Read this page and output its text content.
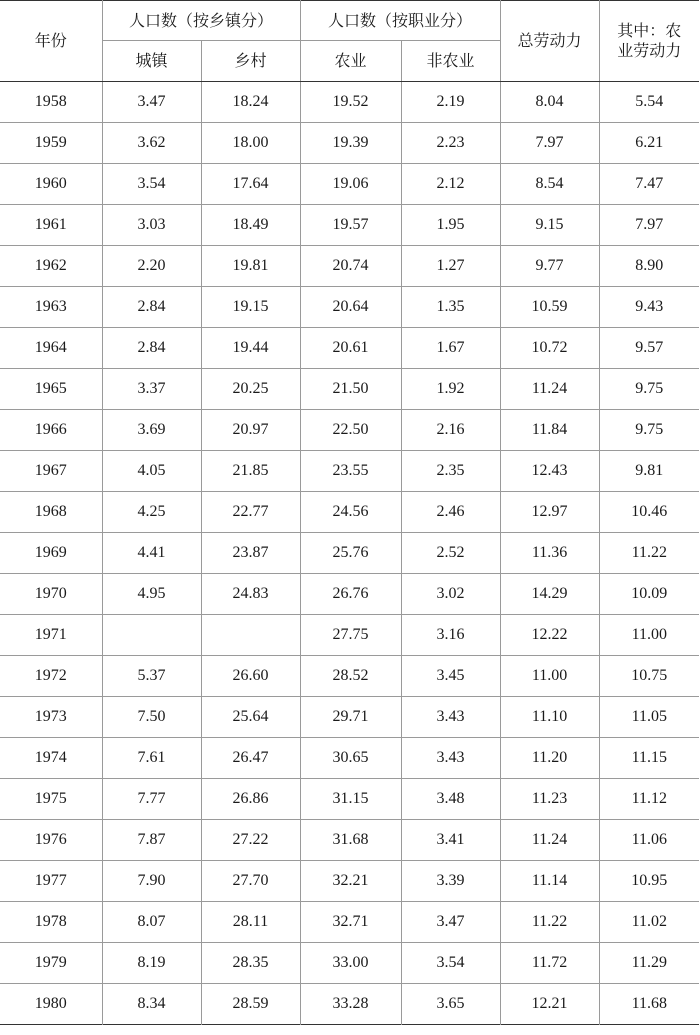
年份	人口数（按乡镇分）		人口数（按职业分）		总劳动力	其中：农
业劳动力

	城镇	乡村	农业	非农业		
1958	3.47	18.24	19.52	2.19	8.04	5.54
1959	3.62	18.00	19.39	2.23	7.97	6.21
1960	3.54	17.64	19.06	2.12	8.54	7.47
1961	3.03	18.49	19.57	1.95	9.15	7.97
1962	2.20	19.81	20.74	1.27	9.77	8.90
1963	2.84	19.15	20.64	1.35	10.59	9.43
1964	2.84	19.44	20.61	1.67	10.72	9.57
1965	3.37	20.25	21.50	1.92	11.24	9.75
1966	3.69	20.97	22.50	2.16	11.84	9.75
1967	4.05	21.85	23.55	2.35	12.43	9.81
1968	4.25	22.77	24.56	2.46	12.97	10.46
1969	4.41	23.87	25.76	2.52	11.36	11.22
1970	4.95	24.83	26.76	3.02	14.29	10.09
1971			27.75	3.16	12.22	11.00
1972	5.37	26.60	28.52	3.45	11.00	10.75
1973	7.50	25.64	29.71	3.43	11.10	11.05
1974	7.61	26.47	30.65	3.43	11.20	11.15
1975	7.77	26.86	31.15	3.48	11.23	11.12
1976	7.87	27.22	31.68	3.41	11.24	11.06
1977	7.90	27.70	32.21	3.39	11.14	10.95
1978	8.07	28.11	32.71	3.47	11.22	11.02
1979	8.19	28.35	33.00	3.54	11.72	11.29
1980	8.34	28.59	33.28	3.65	12.21	11.68
